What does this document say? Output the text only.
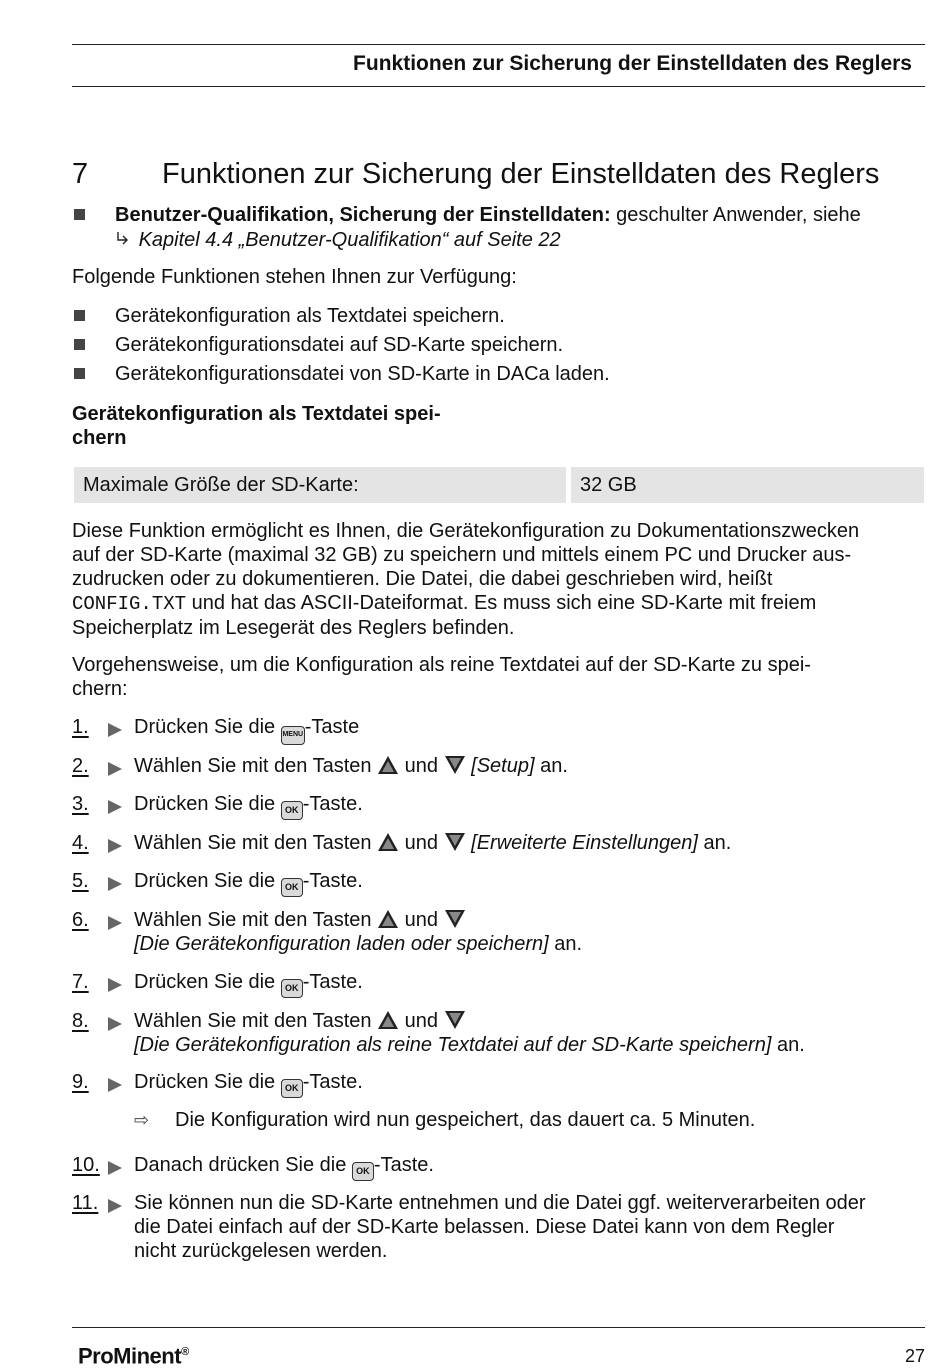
Funktionen zur Sicherung der Einstelldaten des Reglers
7	Funktionen zur Sicherung der Einstelldaten des Reglers
Benutzer-Qualifikation, Sicherung der Einstelldaten: geschulter Anwender, siehe
Kapitel 4.4 „Benutzer-Qualifikation“ auf Seite 22
Folgende Funktionen stehen Ihnen zur Verfügung:
Gerätekonfiguration als Textdatei speichern.
Gerätekonfigurationsdatei auf SD-Karte speichern.
Gerätekonfigurationsdatei von SD-Karte in DACa laden.
Gerätekonfiguration als Textdatei spei-
chern
Maximale Größe der SD-Karte:	32 GB
Diese Funktion ermöglicht es Ihnen, die Gerätekonfiguration zu Dokumentationszwecken
auf der SD-Karte (maximal 32 GB) zu speichern und mittels einem PC und Drucker aus-
zudrucken oder zu dokumentieren. Die Datei, die dabei geschrieben wird, heißt
CONFIG.TXT und hat das ASCII-Dateiformat. Es muss sich eine SD-Karte mit freiem
Speicherplatz im Lesegerät des Reglers befinden.
Vorgehensweise, um die Konfiguration als reine Textdatei auf der SD-Karte zu spei-
chern:
1.	Drücken Sie die MENU-Taste
2.	Wählen Sie mit den Tasten  und  [Setup] an.
3.	Drücken Sie die OK -Taste.
4.	Wählen Sie mit den Tasten  und  [Erweiterte Einstellungen] an.
5.	Drücken Sie die OK -Taste.
6.	Wählen Sie mit den Tasten  und
[Die Gerätekonfiguration laden oder speichern] an.
7.	Drücken Sie die OK -Taste.
8.	Wählen Sie mit den Tasten  und
[Die Gerätekonfiguration als reine Textdatei auf der SD-Karte speichern] an.
9.	Drücken Sie die OK -Taste.
⇨ Die Konfiguration wird nun gespeichert, das dauert ca. 5 Minuten.
10.	Danach drücken Sie die OK -Taste.
11.	Sie können nun die SD-Karte entnehmen und die Datei ggf. weiterverarbeiten oder
die Datei einfach auf der SD-Karte belassen. Diese Datei kann von dem Regler
nicht zurückgelesen werden.
ProMinent®	27
